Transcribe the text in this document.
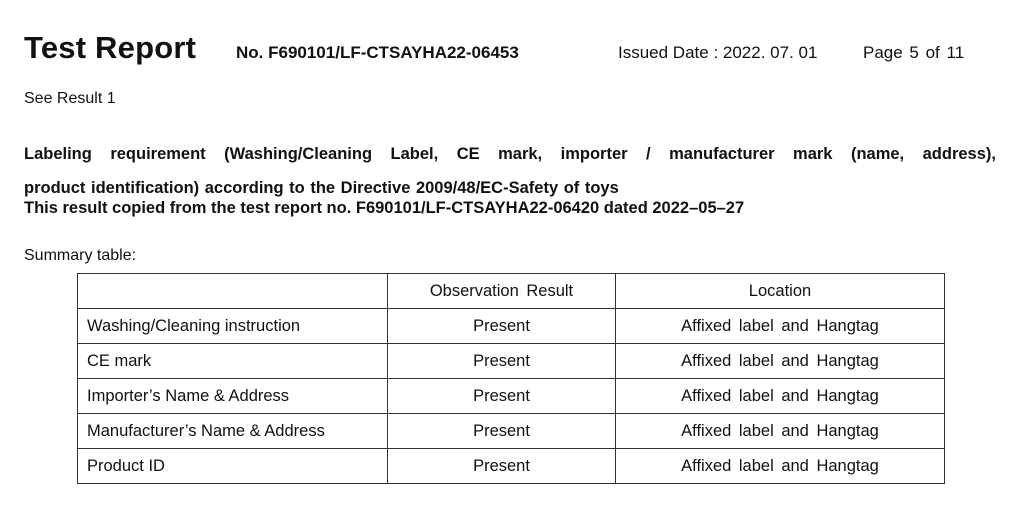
Test Report No. F690101/LF-CTSAYHA22-06453	Issued Date : 2022. 07. 01	Page 5 of 11
See Result 1
Labeling requirement (Washing/Cleaning Label, CE mark, importer / manufacturer mark (name, address),
product identification) according to the Directive 2009/48/EC-Safety of toys
This result copied from the test report no. F690101/LF-CTSAYHA22-06420 dated 2022–05–27
Summary table:
	Observation Result	Location
Washing/Cleaning instruction	Present	Affixed label and Hangtag
CE mark	Present	Affixed label and Hangtag
Importer’s Name & Address	Present	Affixed label and Hangtag
Manufacturer’s Name & Address	Present	Affixed label and Hangtag
Product ID	Present	Affixed label and Hangtag
